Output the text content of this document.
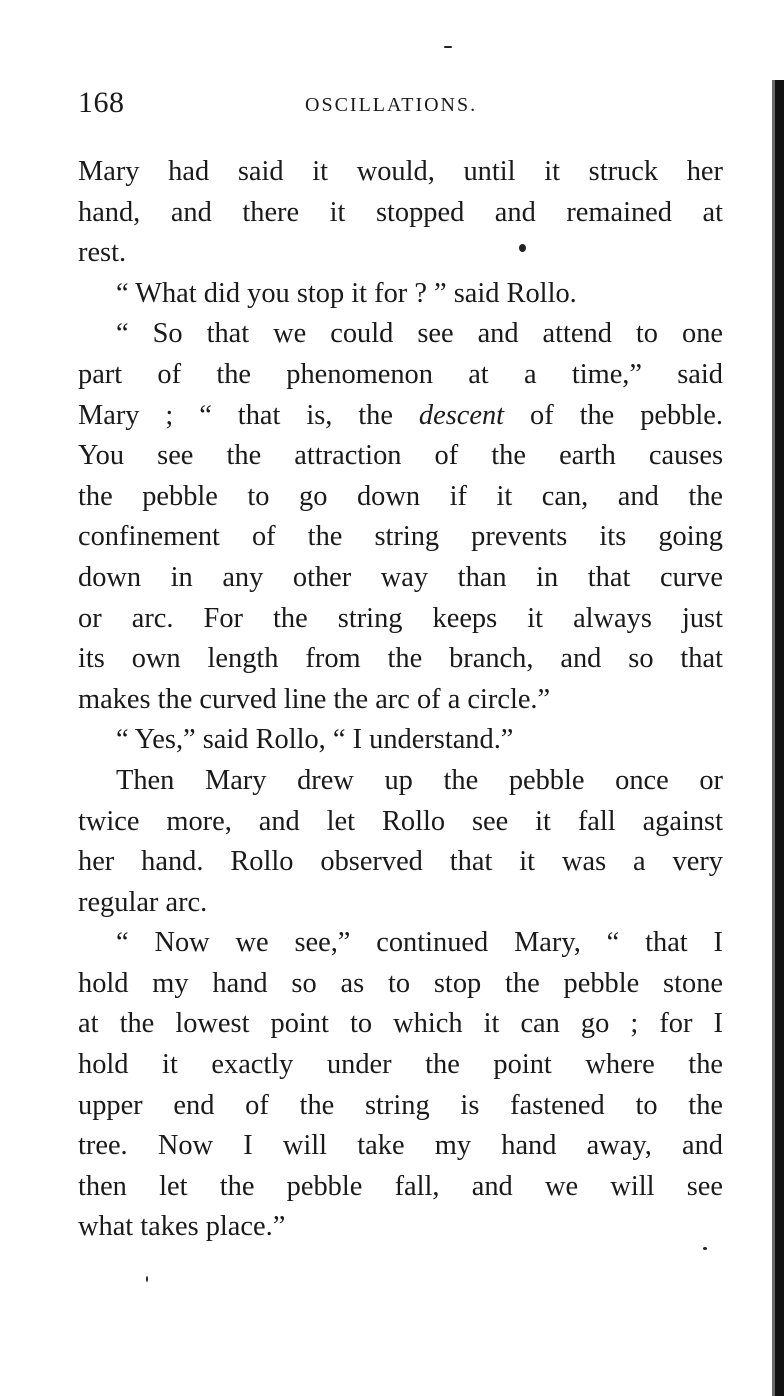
168	OSCILLATIONS.
Mary had said it would, until it struck her
hand, and there it stopped and remained at
rest.
“ What did you stop it for ? ” said Rollo.
“ So that we could see and attend to one
part of the phenomenon at a time,” said
Mary ; “ that is, the descent of the pebble.
You see the attraction of the earth causes
the pebble to go down if it can, and the
confinement of the string prevents its going
down in any other way than in that curve
or arc. For the string keeps it always just
its own length from the branch, and so that
makes the curved line the arc of a circle.”
“ Yes,” said Rollo, “ I understand.”
Then Mary drew up the pebble once or
twice more, and let Rollo see it fall against
her hand. Rollo observed that it was a very
regular arc.
“ Now we see,” continued Mary, “ that I
hold my hand so as to stop the pebble stone
at the lowest point to which it can go ; for I
hold it exactly under the point where the
upper end of the string is fastened to the
tree. Now I will take my hand away, and
then let the pebble fall, and we will see
what takes place.”
